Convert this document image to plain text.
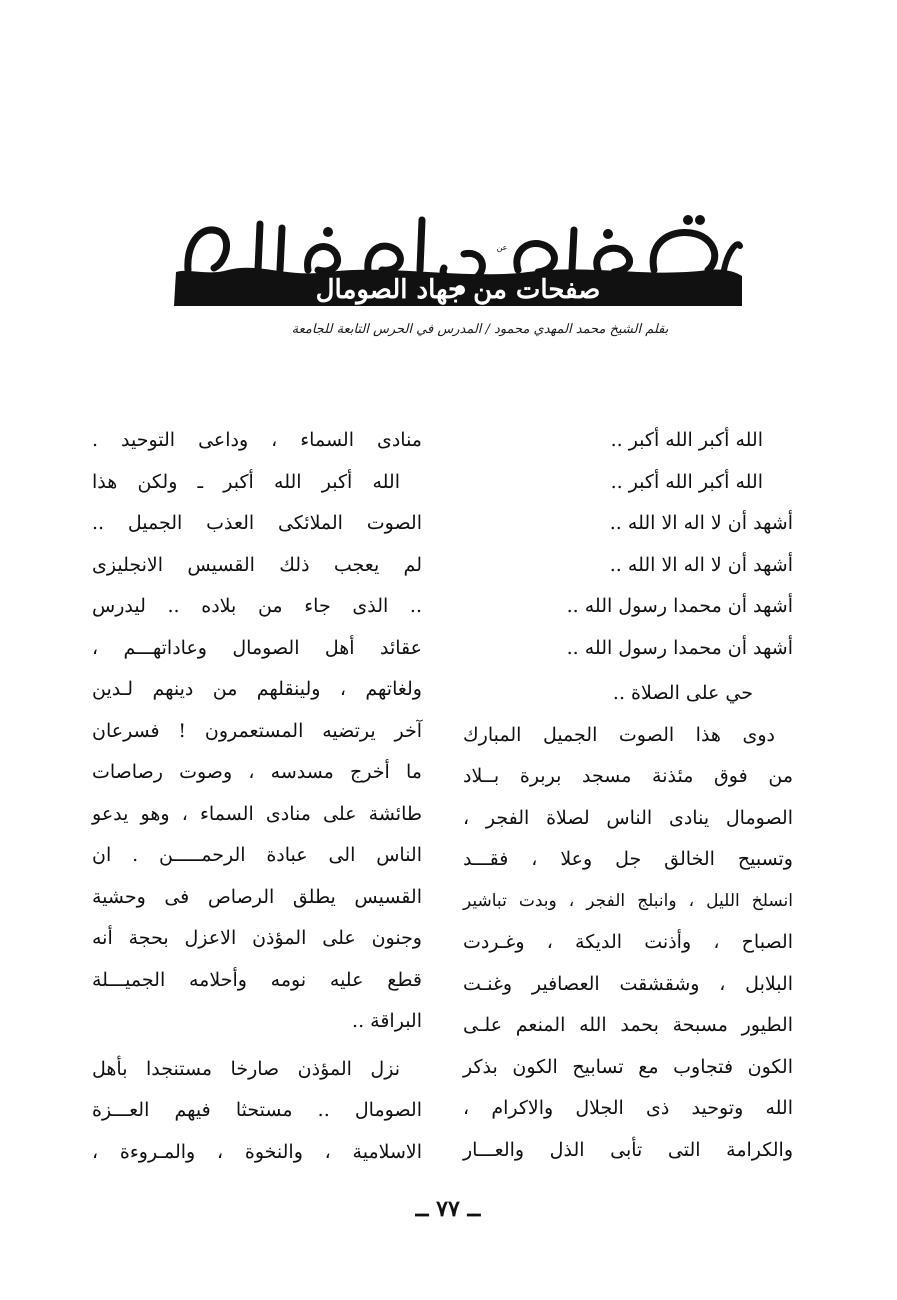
عن
صفحات من جهاد الصومال
بقلم الشيخ محمد المهدي محمود / المدرس في الحرس التابعة للجامعة
الله أكبر الله أكبر ..
الله أكبر الله أكبر ..
أشهد أن لا اله الا الله ..
أشهد أن لا اله الا الله ..
أشهد أن محمدا رسول الله ..
أشهد أن محمدا رسول الله ..
حي على الصلاة ..
دوى هذا الصوت الجميل المبارك
من فوق مئذنة مسجد بربرة بــلاد
الصومال ينادى الناس لصلاة الفجر ،
وتسبيح الخالق جل وعلا ، فقـــد
انسلخ الليل ، وانبلج الفجر ، وبدت تباشير
الصباح ، وأذنت الديكة ، وغـردت
البلابل ، وشقشقت العصافير وغنـت
الطيور مسبحة بحمد الله المنعم علـى
الكون فتجاوب مع تسابيح الكون بذكر
الله وتوحيد ذى الجلال والاكرام ،
والكرامة التى تأبى الذل والعـــار
منادى السماء ، وداعى التوحيد .
الله أكبر الله أكبر ـ ولكن هذا
الصوت الملائكى العذب الجميل ..
لم يعجب ذلك القسيس الانجليزى
.. الذى جاء من بلاده .. ليدرس
عقائد أهل الصومال وعاداتهـــم ،
ولغاتهم ، ولينقلهم من دينهم لـدين
آخر يرتضيه المستعمرون ! فسرعان
ما أخرج مسدسه ، وصوت رصاصات
طائشة على منادى السماء ، وهو يدعو
الناس الى عبادة الرحمـــــن . ان
القسيس يطلق الرصاص فى وحشية
وجنون على المؤذن الاعزل بحجة أنه
قطع عليه نومه وأحلامه الجميـــلة
البراقة ..
نزل المؤذن صارخا مستنجدا بأهل
الصومال .. مستحثا فيهم العـــزة
الاسلامية ، والنخوة ، والمـروءة ،
ــ ٧٧ ــ
